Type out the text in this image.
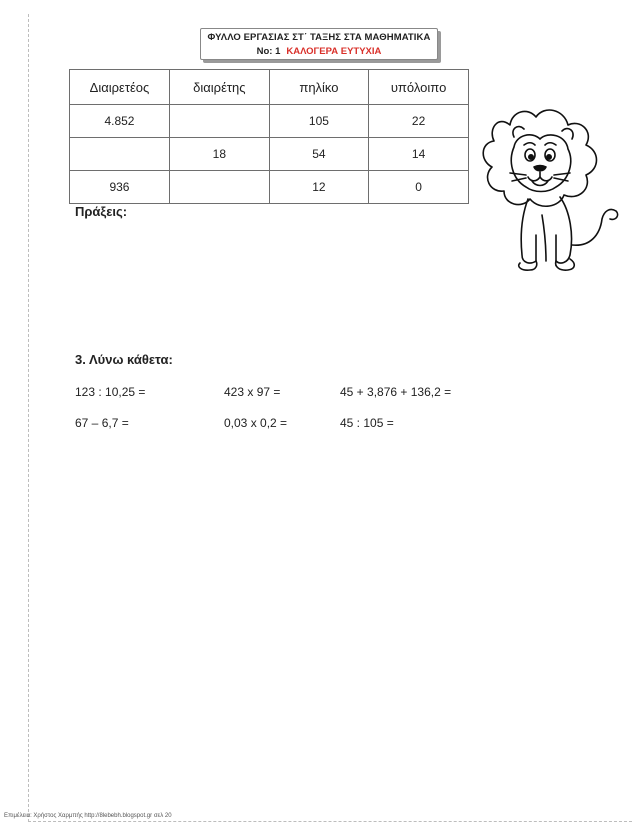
ΦΥΛΛΟ ΕΡΓΑΣΙΑΣ ΣΤ΄ ΤΑΞΗΣ ΣΤΑ ΜΑΘΗΜΑΤΙΚΑ
Νο: 1 ΚΑΛΟΓΕΡΑ ΕΥΤΥΧΙΑ
Διαιρετέος	διαιρέτης	πηλίκο	υπόλοιπο
4.852		105	22
	18	54	14
936		12	0
Πράξεις:
3. Λύνω κάθετα:
123 : 10,25 =	423 x 97 =	45 + 3,876 + 136,2 =
67 – 6,7 =	0,03 x 0,2 =	45 : 105 =
Επιμέλεια: Χρήστος Χαρμπής http://8lebebh.blogspot.gr σελ 20
